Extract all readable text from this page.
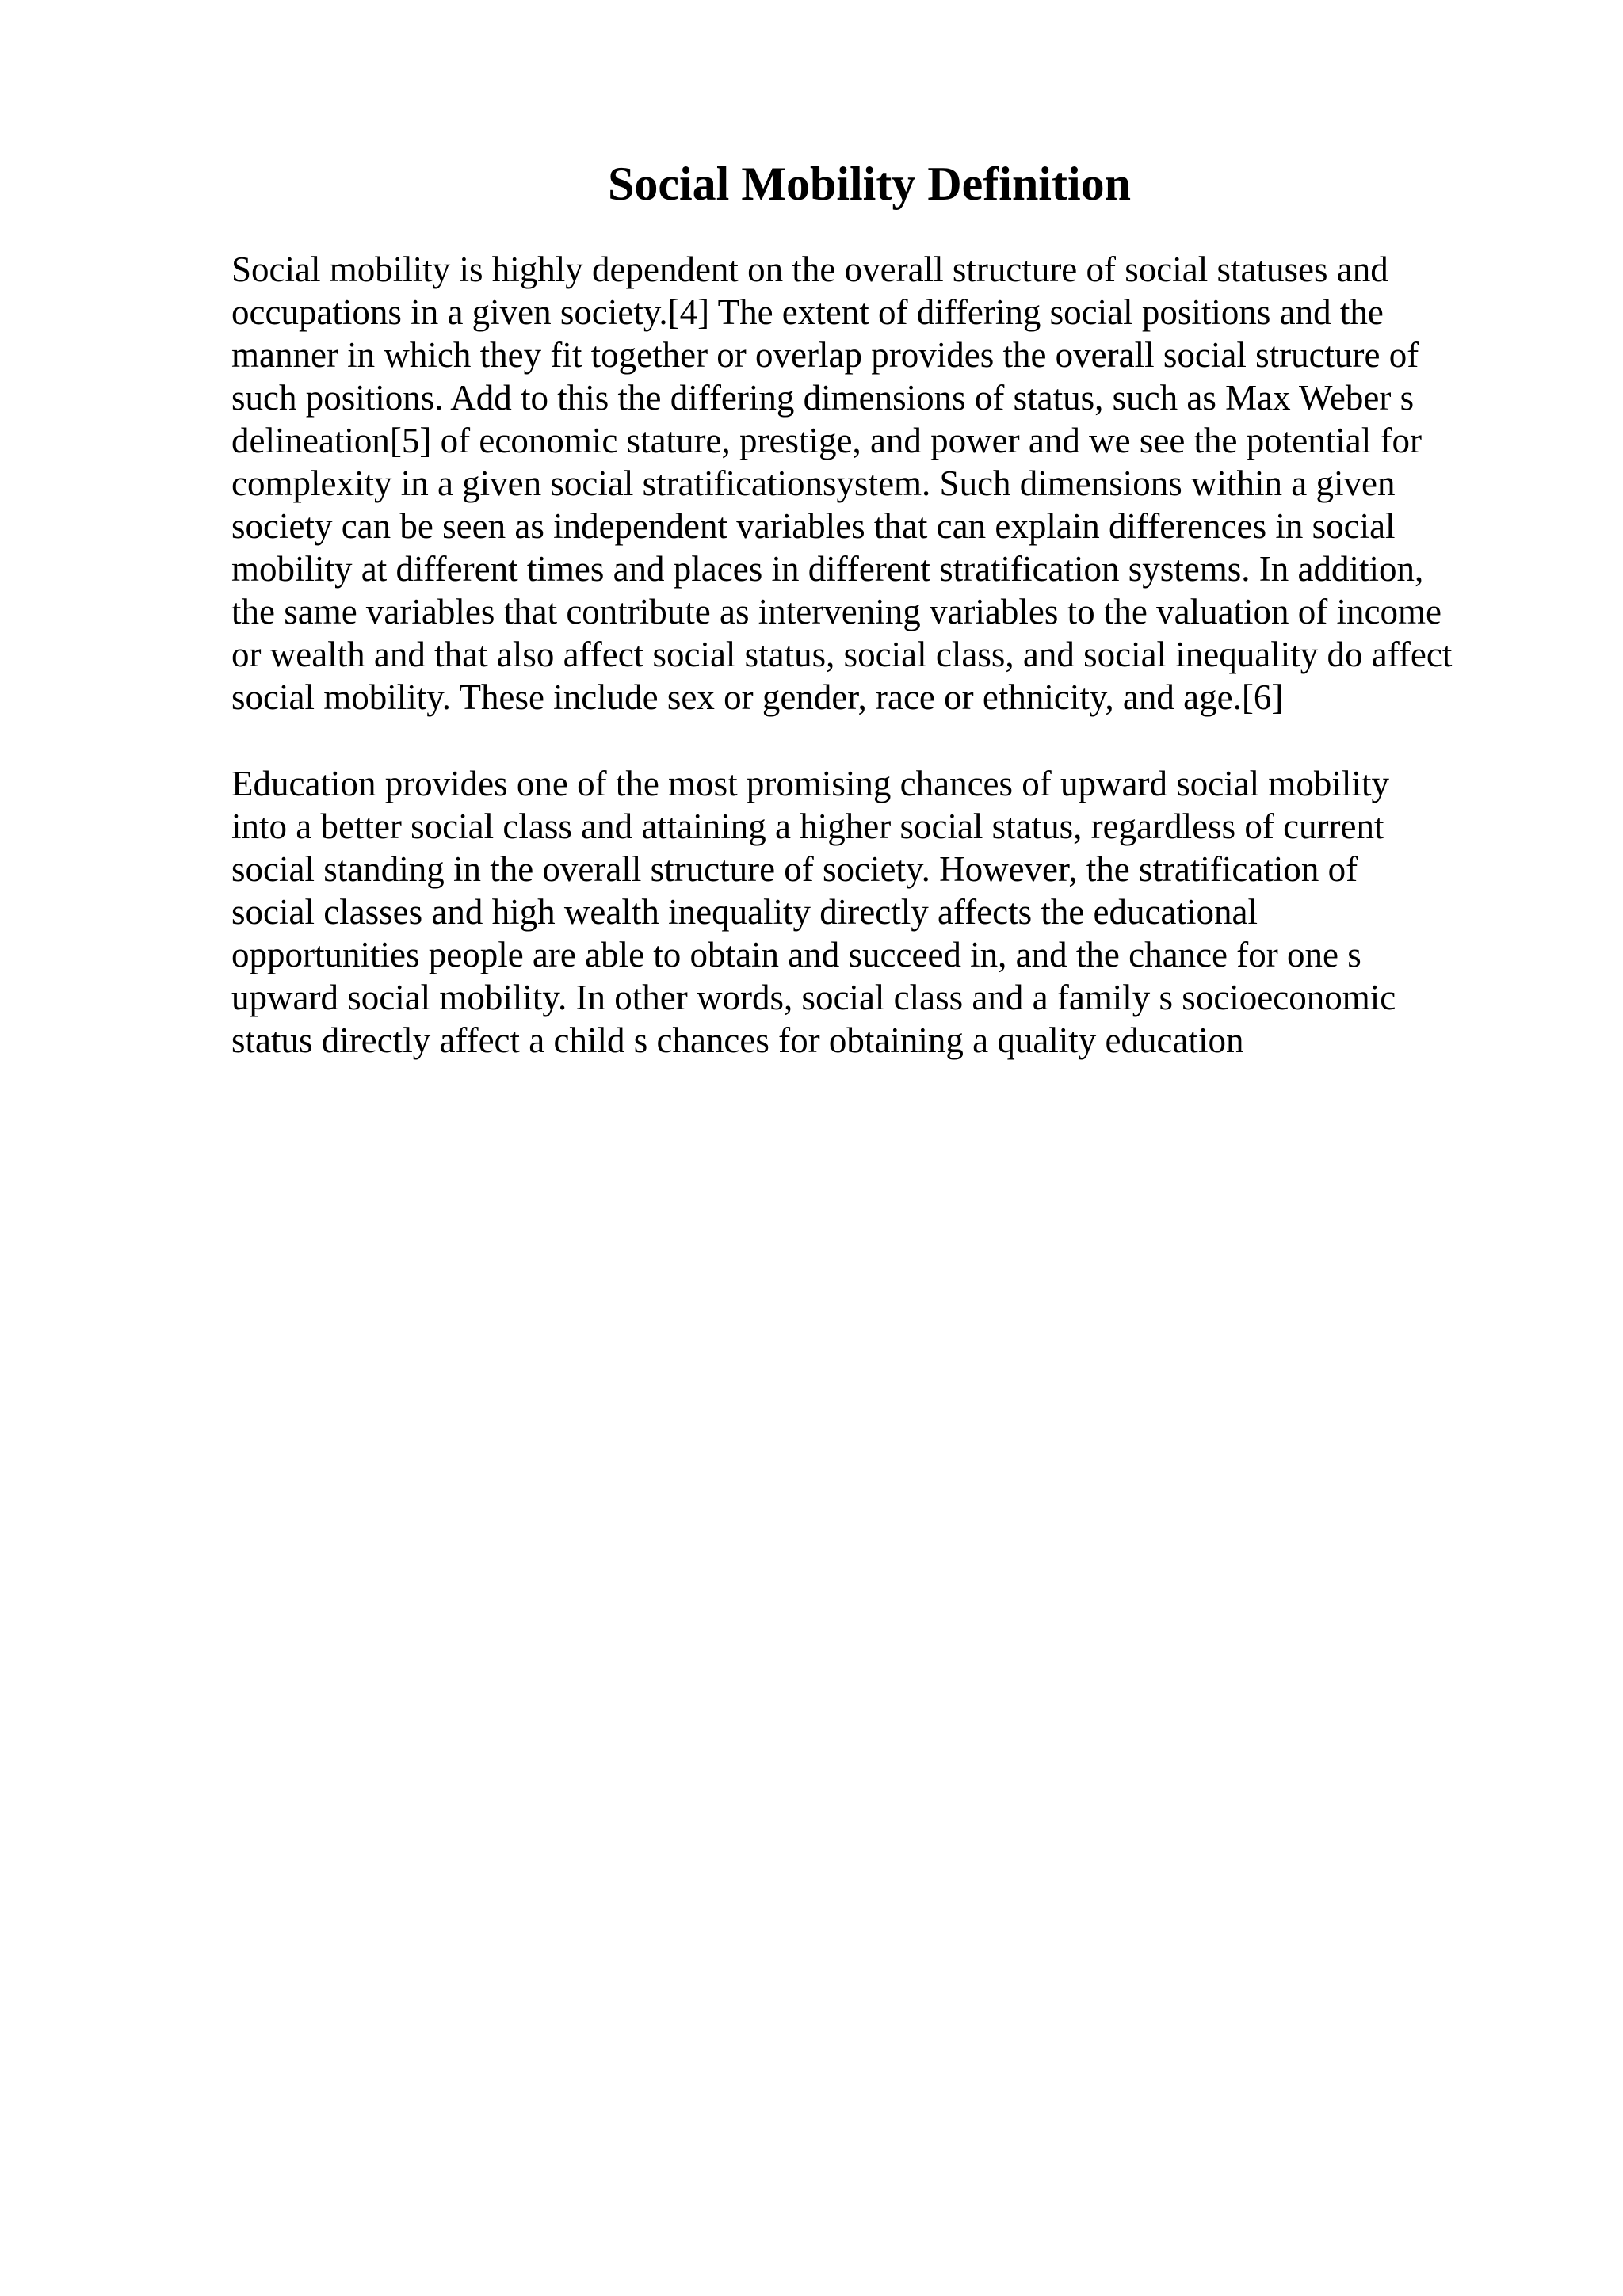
Social Mobility Definition

Social mobility is highly dependent on the overall structure of social statuses and
occupations in a given society.[4] The extent of differing social positions and the
manner in which they fit together or overlap provides the overall social structure of
such positions. Add to this the differing dimensions of status, such as Max Weber s
delineation[5] of economic stature, prestige, and power and we see the potential for
complexity in a given social stratificationsystem. Such dimensions within a given
society can be seen as independent variables that can explain differences in social
mobility at different times and places in different stratification systems. In addition,
the same variables that contribute as intervening variables to the valuation of income
or wealth and that also affect social status, social class, and social inequality do affect
social mobility. These include sex or gender, race or ethnicity, and age.[6]

Education provides one of the most promising chances of upward social mobility
into a better social class and attaining a higher social status, regardless of current
social standing in the overall structure of society. However, the stratification of
social classes and high wealth inequality directly affects the educational
opportunities people are able to obtain and succeed in, and the chance for one s
upward social mobility. In other words, social class and a family s socioeconomic
status directly affect a child s chances for obtaining a quality education
